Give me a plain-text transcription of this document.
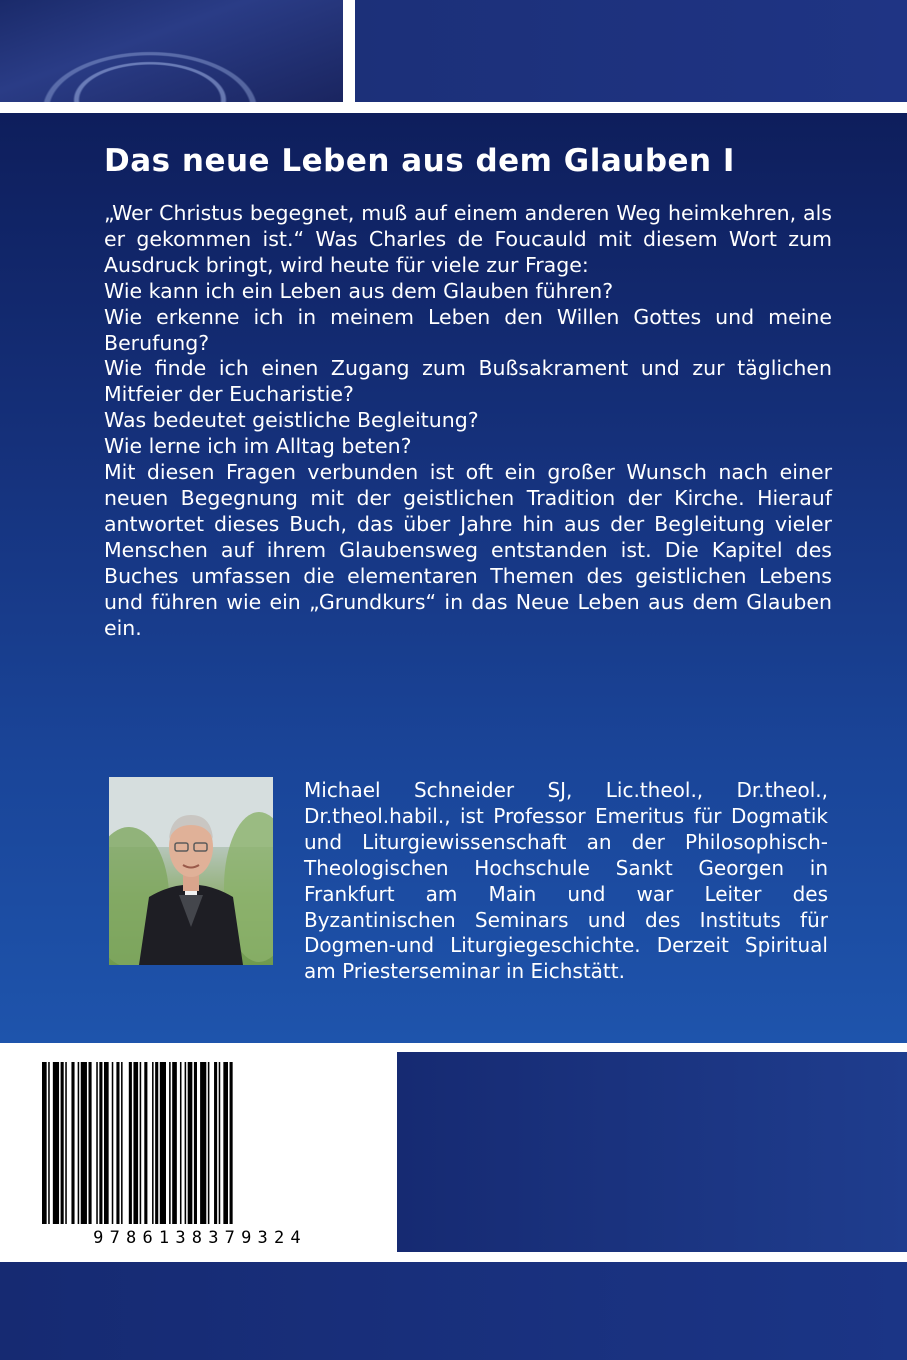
Das neue Leben aus dem Glauben I

„Wer Christus begegnet, muß auf einem anderen Weg heimkehren, als er gekommen ist.“ Was Charles de Foucauld mit diesem Wort zum Ausdruck bringt, wird heute für viele zur Frage:

Wie kann ich ein Leben aus dem Glauben führen?

Wie erkenne ich in meinem Leben den Willen Gottes und meine Berufung?

Wie finde ich einen Zugang zum Bußsakrament und zur täglichen Mitfeier der Eucharistie?

Was bedeutet geistliche Begleitung?

Wie lerne ich im Alltag beten?

Mit diesen Fragen verbunden ist oft ein großer Wunsch nach einer neuen Begegnung mit der geistlichen Tradition der Kirche. Hierauf antwortet dieses Buch, das über Jahre hin aus der Begleitung vieler Menschen auf ihrem Glaubensweg entstanden ist. Die Kapitel des Buches umfassen die elementaren Themen des geistlichen Lebens und führen wie ein „Grundkurs“ in das Neue Leben aus dem Glauben ein.

Michael Schneider SJ, Lic.theol., Dr.theol., Dr.theol.habil., ist Professor Emeritus für Dogmatik und Liturgiewissenschaft an der Philosophisch-Theologischen Hochschule Sankt Georgen in Frankfurt am Main und war Leiter des Byzantinischen Seminars und des Instituts für Dogmen-und Liturgiegeschichte. Derzeit Spiritual am Priesterseminar in Eichstätt.

9786138379324
